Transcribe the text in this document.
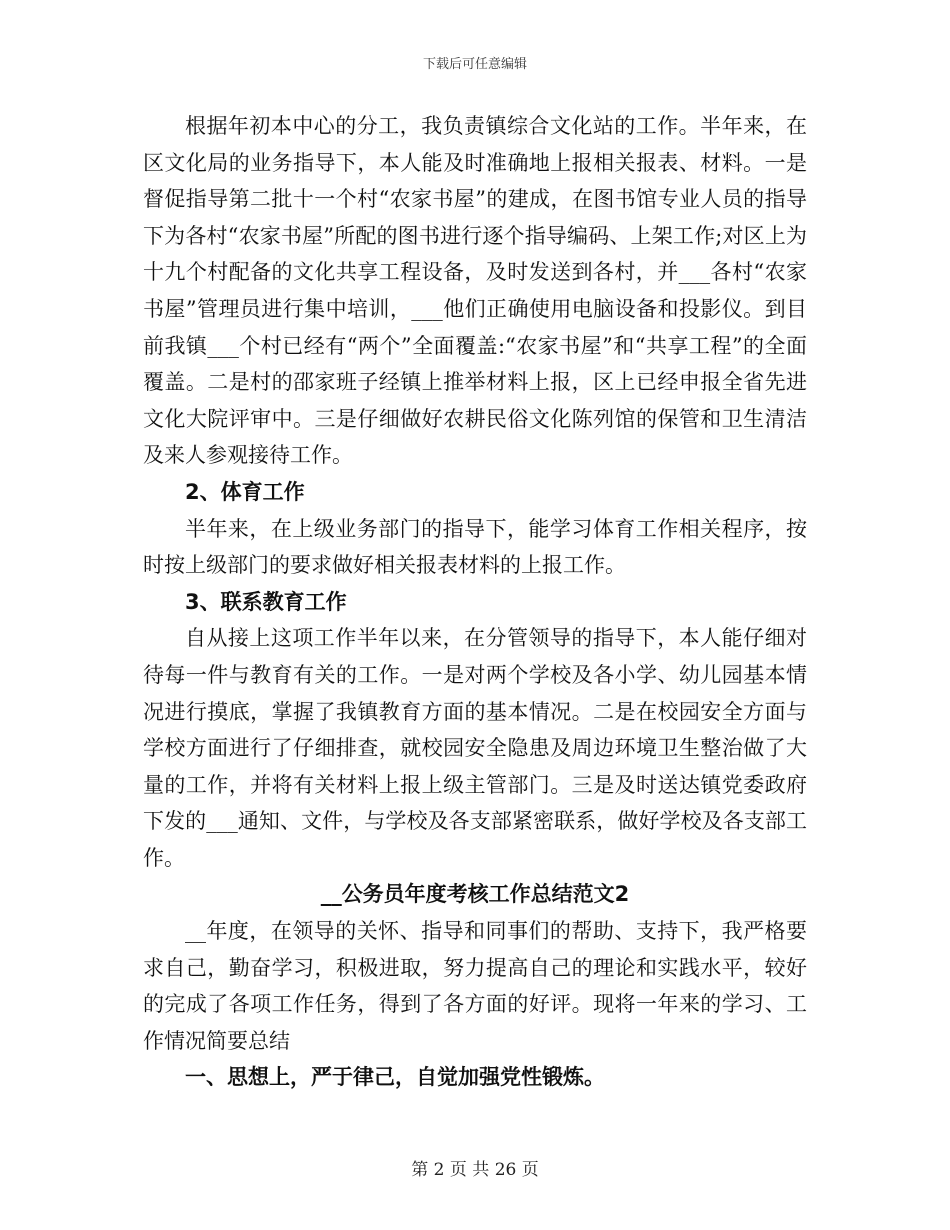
下载后可任意编辑

根据年初本中心的分工，我负责镇综合文化站的工作。半年来，在区文化局的业务指导下，本人能及时准确地上报相关报表、材料。一是督促指导第二批十一个村“农家书屋”的建成，在图书馆专业人员的指导下为各村“农家书屋”所配的图书进行逐个指导编码、上架工作;对区上为十九个村配备的文化共享工程设备，及时发送到各村，并___各村“农家书屋”管理员进行集中培训，___他们正确使用电脑设备和投影仪。到目前我镇___个村已经有“两个”全面覆盖:“农家书屋”和“共享工程”的全面覆盖。二是村的邵家班子经镇上推举材料上报，区上已经申报全省先进文化大院评审中。三是仔细做好农耕民俗文化陈列馆的保管和卫生清洁及来人参观接待工作。

2、体育工作

半年来，在上级业务部门的指导下，能学习体育工作相关程序，按时按上级部门的要求做好相关报表材料的上报工作。

3、联系教育工作

自从接上这项工作半年以来，在分管领导的指导下，本人能仔细对待每一件与教育有关的工作。一是对两个学校及各小学、幼儿园基本情况进行摸底，掌握了我镇教育方面的基本情况。二是在校园安全方面与学校方面进行了仔细排查，就校园安全隐患及周边环境卫生整治做了大量的工作，并将有关材料上报上级主管部门。三是及时送达镇党委政府下发的___通知、文件，与学校及各支部紧密联系，做好学校及各支部工作。

__公务员年度考核工作总结范文2

__年度，在领导的关怀、指导和同事们的帮助、支持下，我严格要求自己，勤奋学习，积极进取，努力提高自己的理论和实践水平，较好的完成了各项工作任务，得到了各方面的好评。现将一年来的学习、工作情况简要总结

一、思想上，严于律己，自觉加强党性锻炼。

第 2 页 共 26 页
